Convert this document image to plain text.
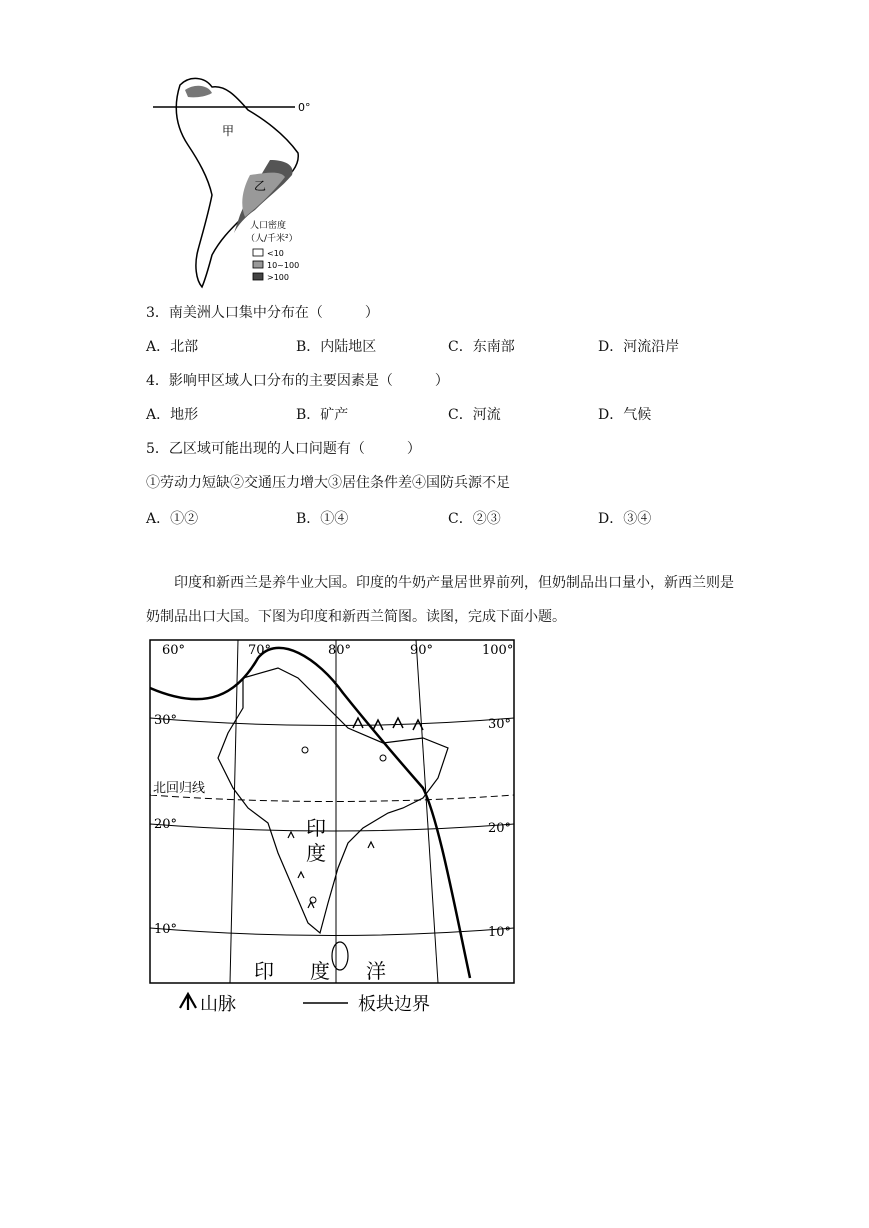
0°
甲
乙
人口密度
（人/千米²）
<10
10~100
>100
3．南美洲人口集中分布在（　　　）
A．北部	B．内陆地区	C．东南部	D．河流沿岸
4．影响甲区域人口分布的主要因素是（　　　）
A．地形	B．矿产	C．河流	D．气候
5．乙区域可能出现的人口问题有（　　　）
①劳动力短缺②交通压力增大③居住条件差④国防兵源不足
A．①②	B．①④	C．②③	D．③④
印度和新西兰是养牛业大国。印度的牛奶产量居世界前列，但奶制品出口量小，新西兰则是奶制品出口大国。下图为印度和新西兰简图。读图，完成下面小题。
60°	70°	80°	90°	100°
30°	30°
20°	20°
10°	10°
北回归线
印
度
印 度 洋
山脉	板块边界
